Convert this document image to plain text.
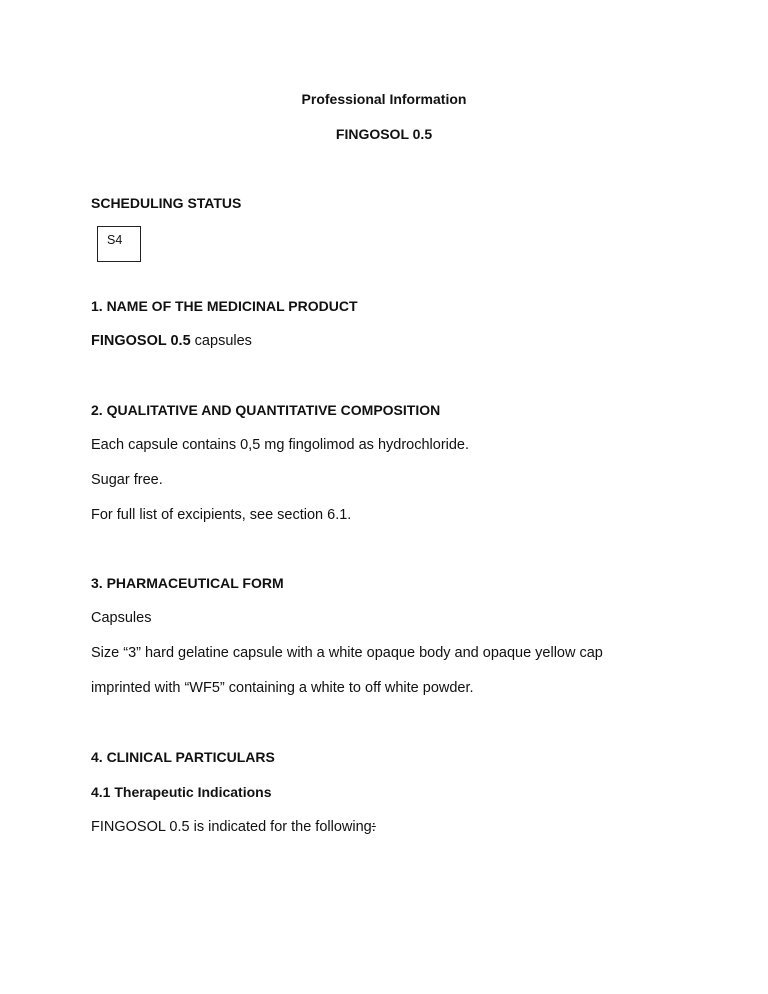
Professional Information
FINGOSOL 0.5
SCHEDULING STATUS
S4
1. NAME OF THE MEDICINAL PRODUCT
FINGOSOL 0.5 capsules
2. QUALITATIVE AND QUANTITATIVE COMPOSITION
Each capsule contains 0,5 mg fingolimod as hydrochloride.
Sugar free.
For full list of excipients, see section 6.1.
3. PHARMACEUTICAL FORM
Capsules
Size “3” hard gelatine capsule with a white opaque body and opaque yellow cap
imprinted with “WF5” containing a white to off white powder.
4. CLINICAL PARTICULARS
4.1 Therapeutic Indications
FINGOSOL 0.5 is indicated for the following:
